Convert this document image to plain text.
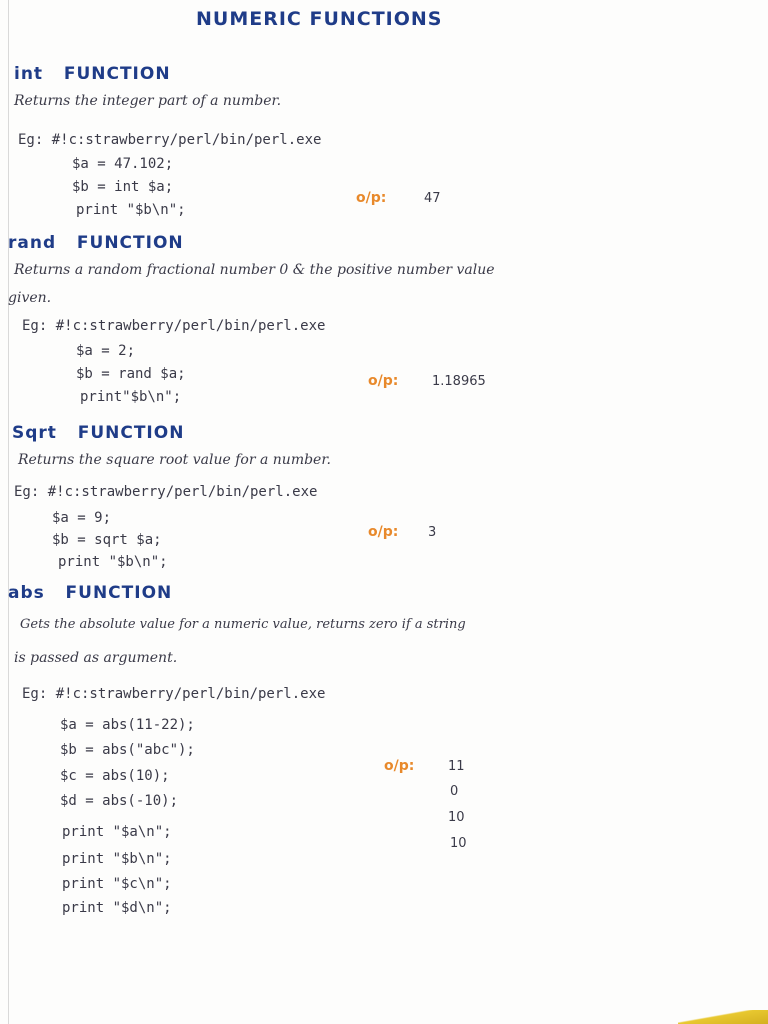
NUMERIC FUNCTIONS
int FUNCTION
Returns the integer part of a number.
Eg: #!c:strawberry/perl/bin/perl.exe
$a = 47.102;
$b = int $a;
print "$b\n";
o/p:	47
rand FUNCTION
Returns a random fractional number 0 & the positive number value
given.
Eg: #!c:strawberry/perl/bin/perl.exe
$a = 2;
$b = rand $a;
print"$b\n";
o/p:	1.18965
Sqrt FUNCTION
Returns the square root value for a number.
Eg: #!c:strawberry/perl/bin/perl.exe
$a = 9;
$b = sqrt $a;
print "$b\n";
o/p: 3
abs FUNCTION
Gets the absolute value for a numeric value, returns zero if a string
is passed as argument.
Eg: #!c:strawberry/perl/bin/perl.exe
$a = abs(11-22);
$b = abs("abc");
$c = abs(10);
$d = abs(-10);
print "$a\n";
print "$b\n";
print "$c\n";
print "$d\n";
o/p:	11
0
10
10
